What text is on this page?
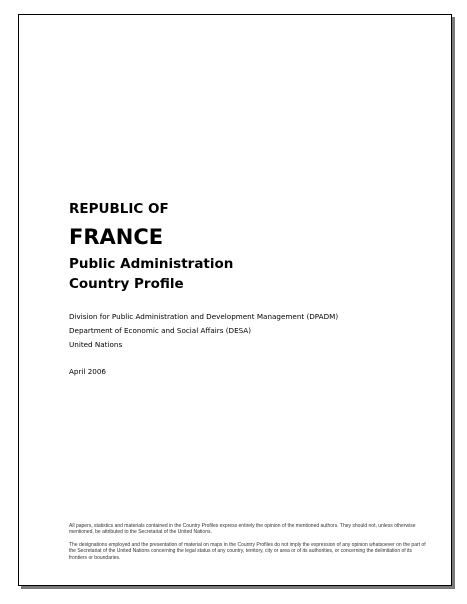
REPUBLIC OF
FRANCE
Public Administration
Country Profile
Division for Public Administration and Development Management (DPADM)
Department of Economic and Social Affairs (DESA)
United Nations
April 2006

All papers, statistics and materials contained in the Country Profiles express entirely the opinion of the mentioned authors. They should not, unless otherwise mentioned, be attributed to the Secretariat of the United Nations.

The designations employed and the presentation of material on maps in the Country Profiles do not imply the expression of any opinion whatsoever on the part of the Secretariat of the United Nations concerning the legal status of any country, territory, city or area or of its authorities, or concerning the delimitation of its frontiers or boundaries.
